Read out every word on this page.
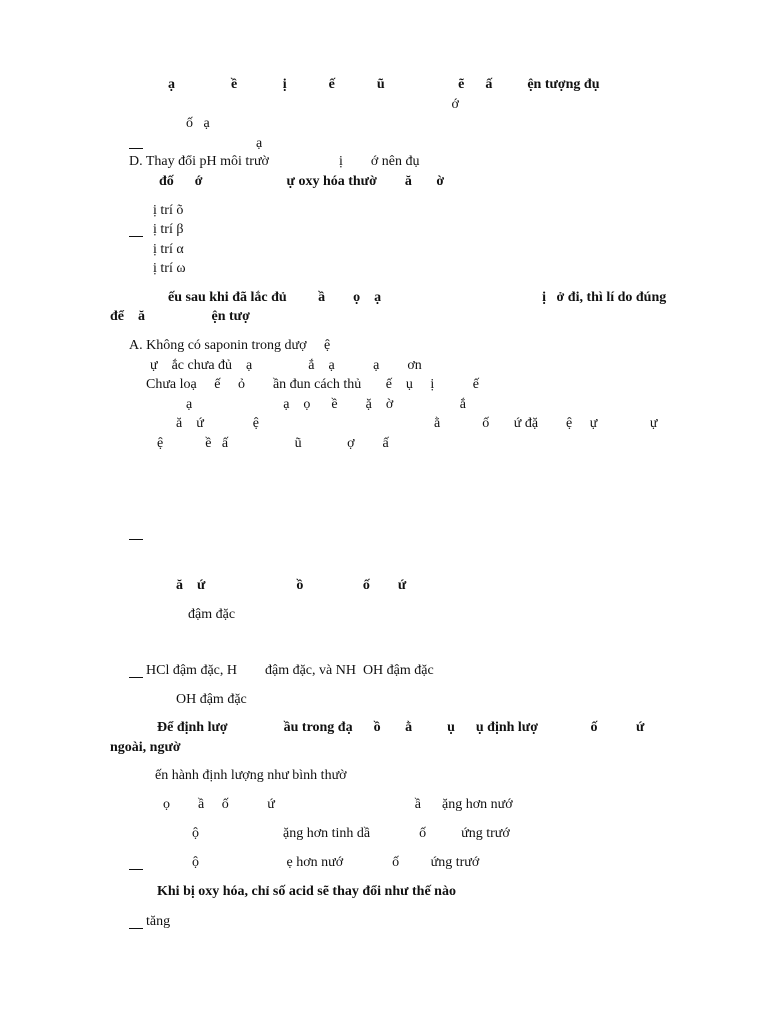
ạ                ề             ị            ế            ũ                     ẽ      ấ          ện tượng đụ
ớ
ố   ạ
ạ
D. Thay đổi pH môi trườ                    ị        ớ nên đụ
đố      ớ                        ự oxy hóa thườ        ă       ờ
ị trí õ
ị trí β
ị trí α
ị trí ω
ếu sau khi đã lắc đủ         ầ        ọ    ạ                                              ị   ở đi, thì lí do đúng
để    ă                   ện tượ
A. Không có saponin trong dượ     ệ
ự    ắc chưa đủ    ạ                ắ    ạ           ạ        ơn
Chưa loạ     ế     ỏ        ần đun cách thủ       ế    ụ     ị           ế
ạ                          ạ    ọ      ề        ặ    ờ                   ắ
ă    ứ              ệ                                                  ằ            ố       ứ đặ        ệ     ự               ự
ệ            ề   ấ                   ũ             ợ        ấ
ă    ứ                          ồ                 ố        ứ
đậm đặc
HCl đậm đặc, H        đậm đặc, và NH  OH đậm đặc
OH đậm đặc
Để định lượ                ầu trong đạ      ồ       ằ          ụ      ụ định lượ               ố           ứ
ngoài, ngườ
ến hành định lượng như bình thườ
ọ        ầ     ố           ứ                                        ầ      ặng hơn nướ
ộ                        ặng hơn tinh dầ              ố          ứng trướ
ộ                         ẹ hơn nướ              ố         ứng trướ
Khi bị oxy hóa, chỉ số acid sẽ thay đổi như thế nào
tăng
